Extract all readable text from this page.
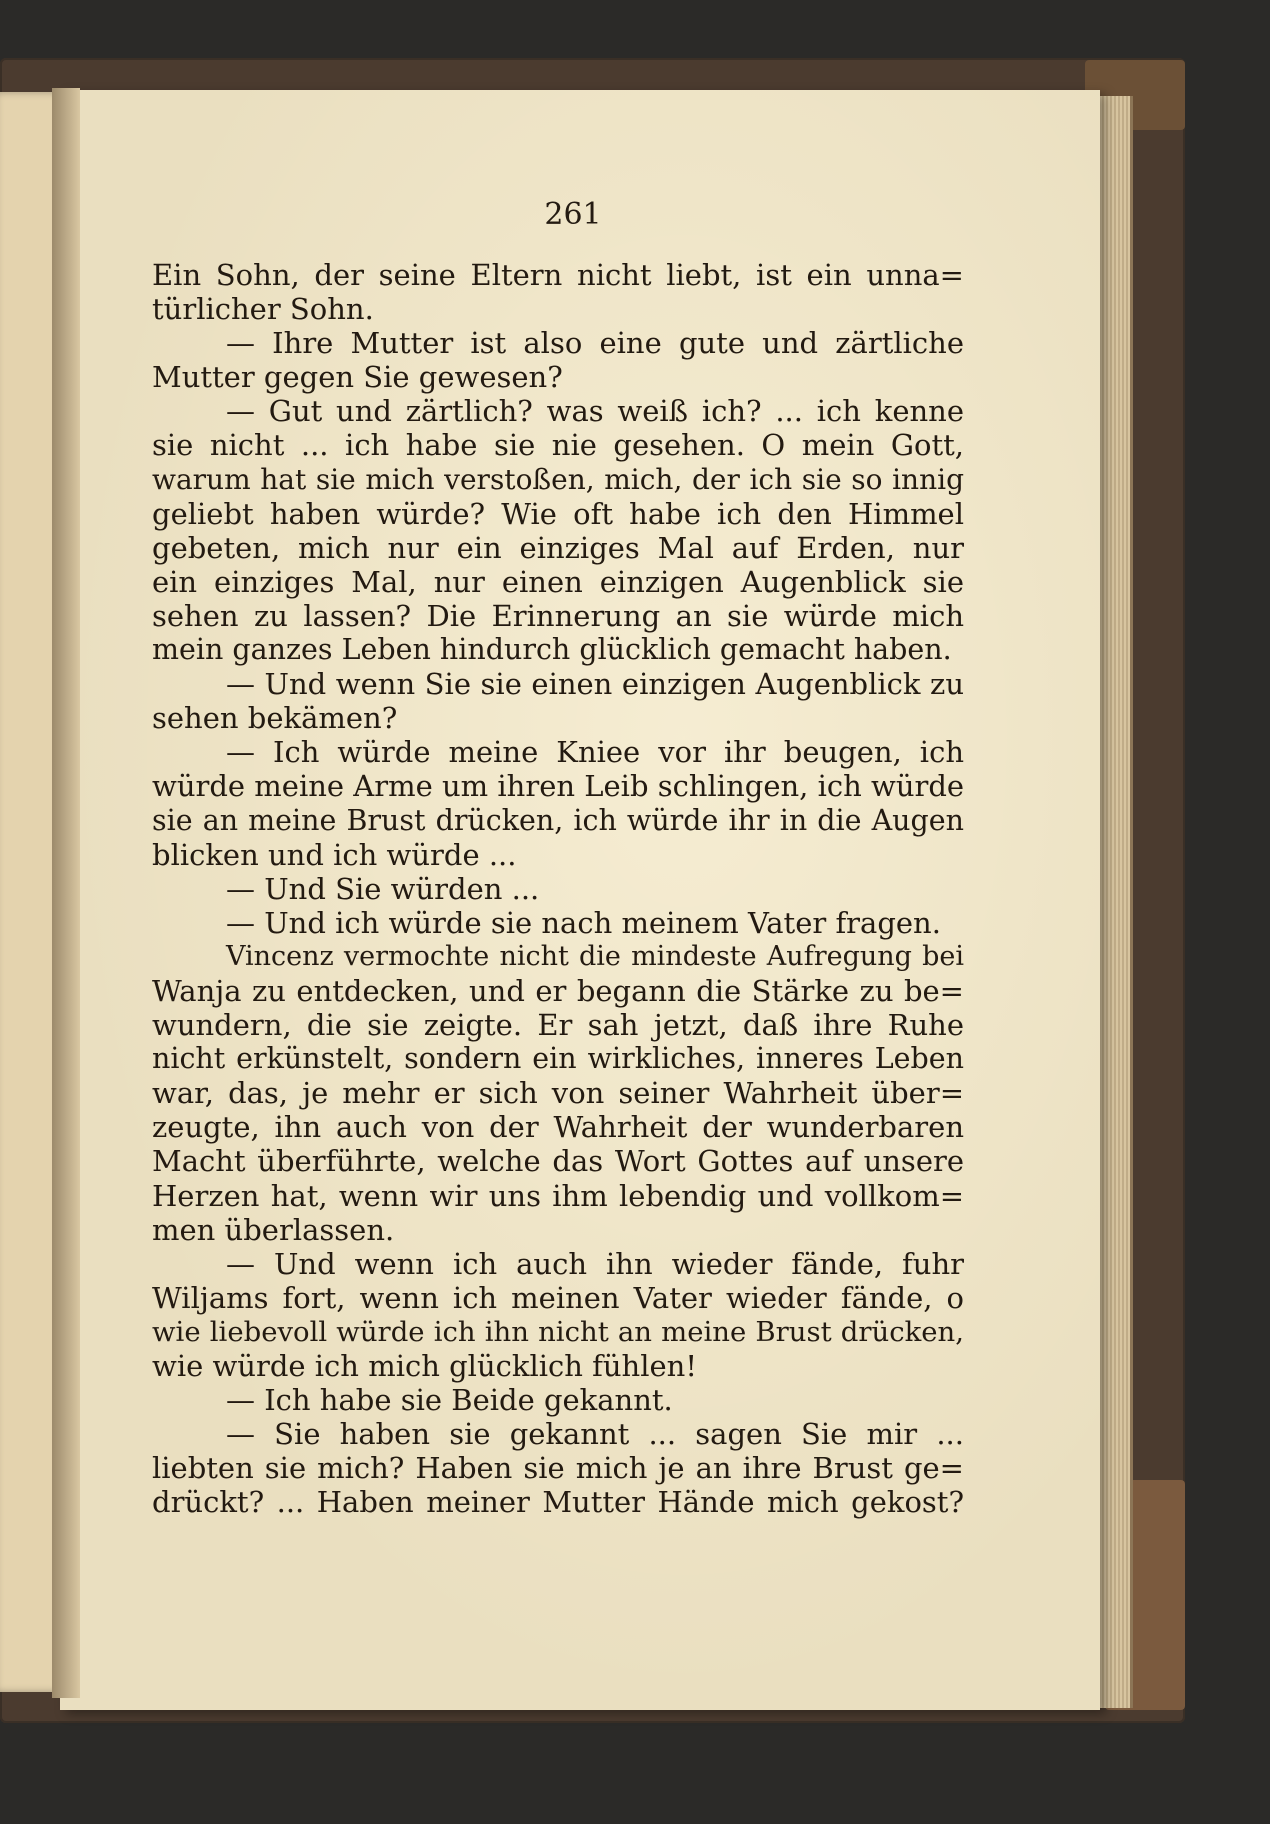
261
Ein Sohn, der seine Eltern nicht liebt, ist ein unna=
türlicher Sohn.
— Ihre Mutter ist also eine gute und zärtliche
Mutter gegen Sie gewesen?
— Gut und zärtlich? was weiß ich? ... ich kenne
sie nicht ... ich habe sie nie gesehen. O mein Gott,
warum hat sie mich verstoßen, mich, der ich sie so innig
geliebt haben würde? Wie oft habe ich den Himmel
gebeten, mich nur ein einziges Mal auf Erden, nur
ein einziges Mal, nur einen einzigen Augenblick sie
sehen zu lassen? Die Erinnerung an sie würde mich
mein ganzes Leben hindurch glücklich gemacht haben.
— Und wenn Sie sie einen einzigen Augenblick zu
sehen bekämen?
— Ich würde meine Kniee vor ihr beugen, ich
würde meine Arme um ihren Leib schlingen, ich würde
sie an meine Brust drücken, ich würde ihr in die Augen
blicken und ich würde ...
— Und Sie würden ...
— Und ich würde sie nach meinem Vater fragen.
Vincenz vermochte nicht die mindeste Aufregung bei
Wanja zu entdecken, und er begann die Stärke zu be=
wundern, die sie zeigte. Er sah jetzt, daß ihre Ruhe
nicht erkünstelt, sondern ein wirkliches, inneres Leben
war, das, je mehr er sich von seiner Wahrheit über=
zeugte, ihn auch von der Wahrheit der wunderbaren
Macht überführte, welche das Wort Gottes auf unsere
Herzen hat, wenn wir uns ihm lebendig und vollkom=
men überlassen.
— Und wenn ich auch ihn wieder fände, fuhr
Wiljams fort, wenn ich meinen Vater wieder fände, o
wie liebevoll würde ich ihn nicht an meine Brust drücken,
wie würde ich mich glücklich fühlen!
— Ich habe sie Beide gekannt.
— Sie haben sie gekannt ... sagen Sie mir ...
liebten sie mich? Haben sie mich je an ihre Brust ge=
drückt? ... Haben meiner Mutter Hände mich gekost?
